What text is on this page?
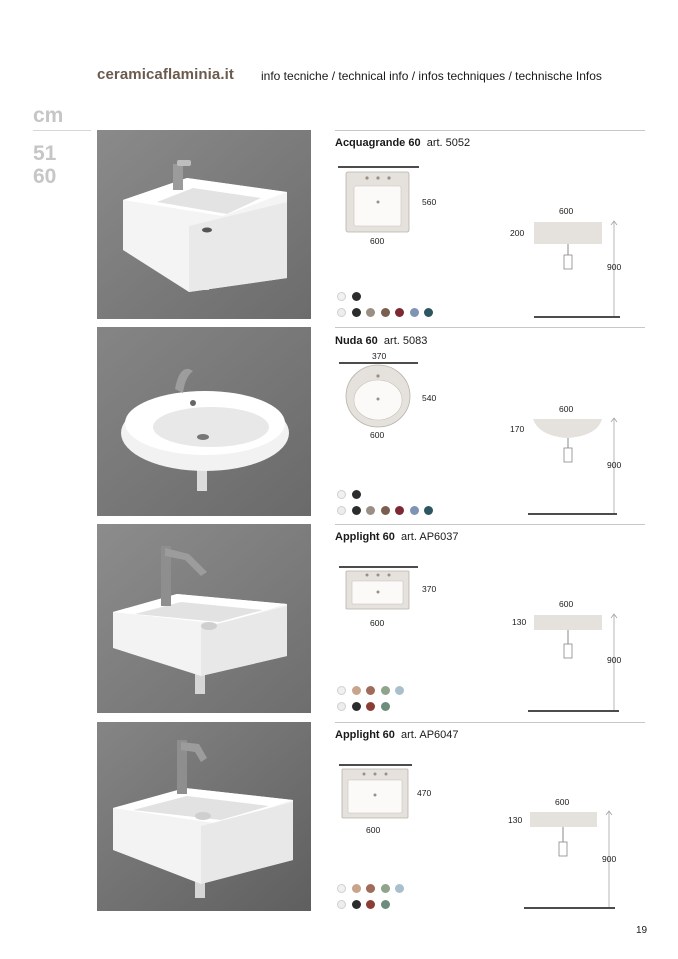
ceramicaflaminia.it info tecniche / technical info / infos techniques / technische Infos
cm
51
60
Acquagrande 60 art. 5052
600
560
600
200
900
Nuda 60 art. 5083
370
600
540
600
170
900
Applight 60 art. AP6037
600
370
600
130
900
Applight 60 art. AP6047
600
470
600
130
900
19
